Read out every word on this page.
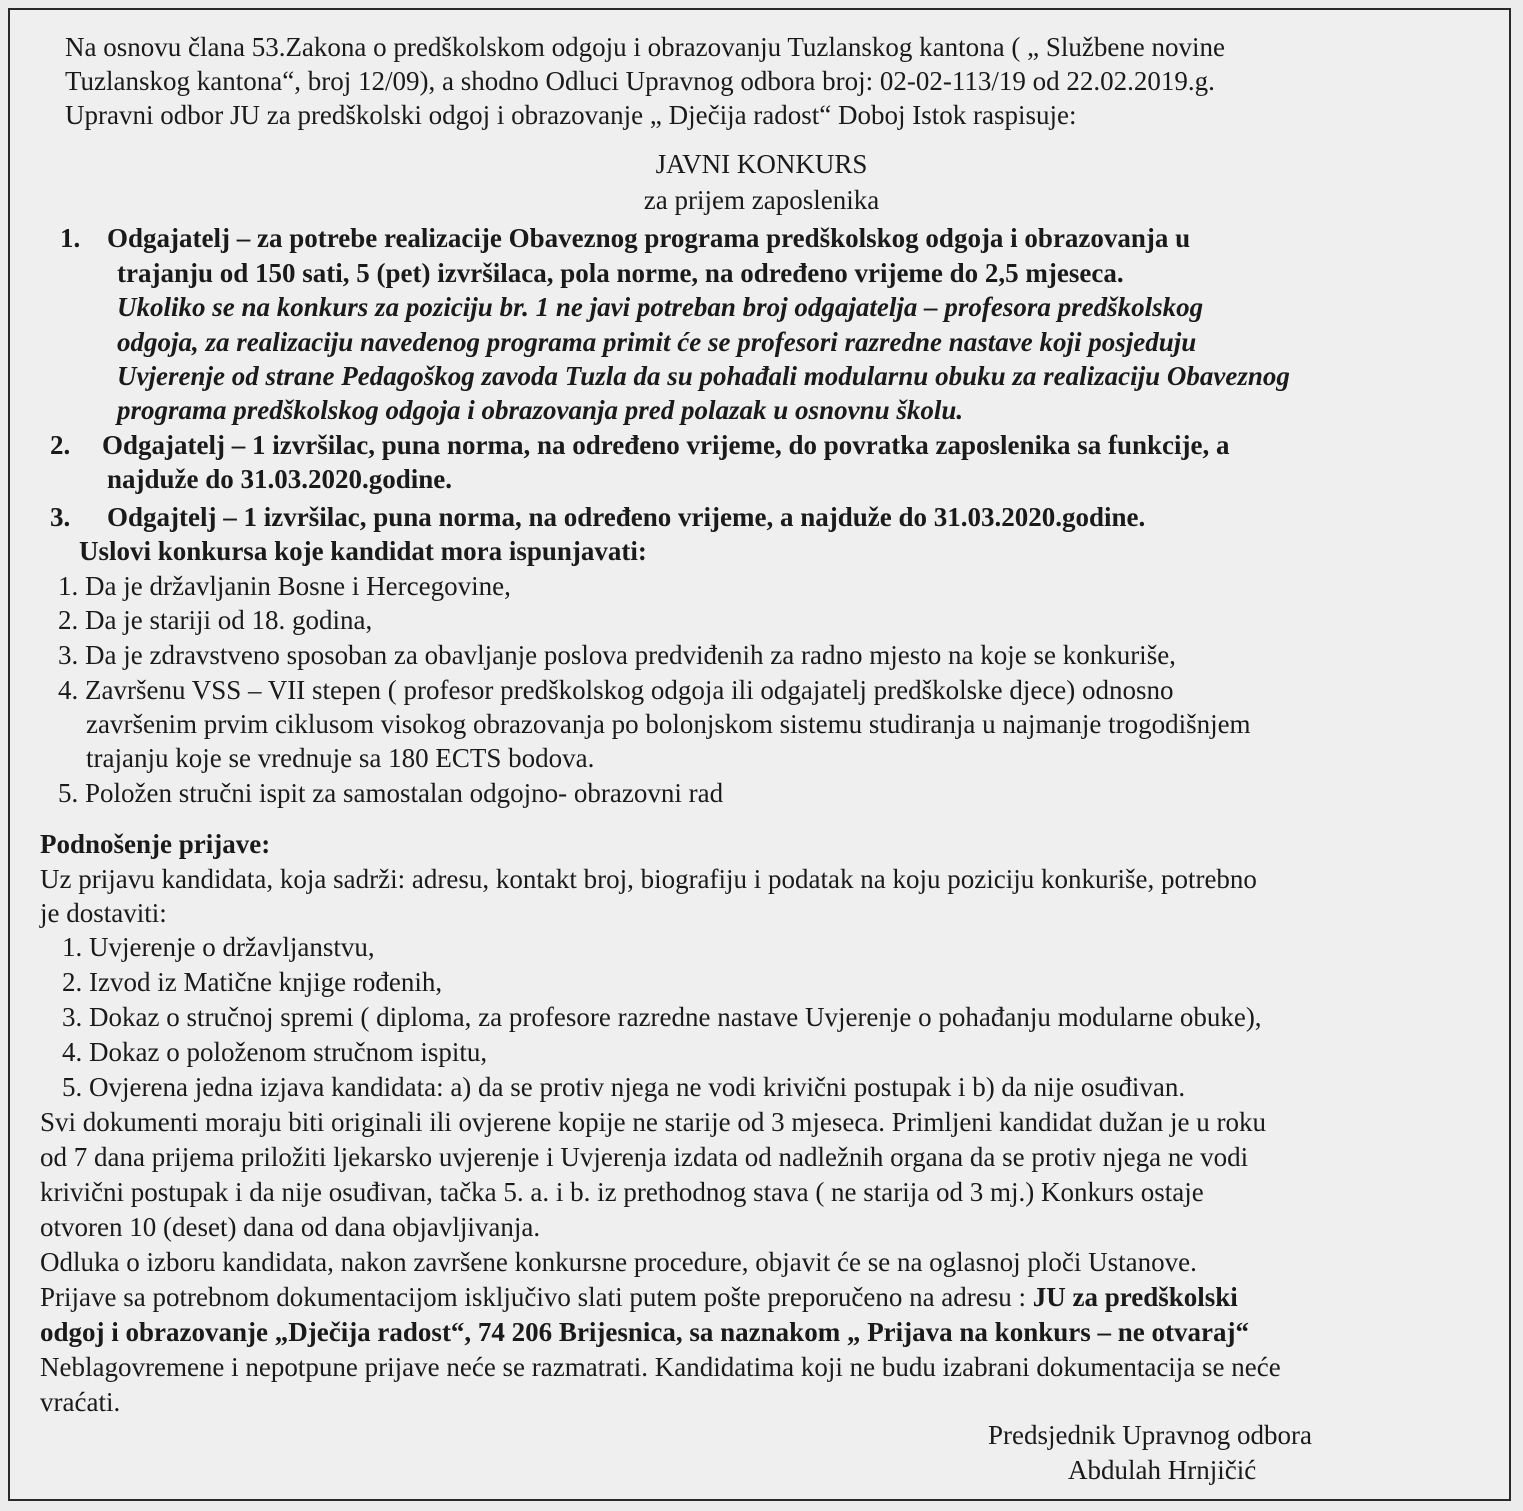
Na osnovu člana 53.Zakona o predškolskom odgoju i obrazovanju Tuzlanskog kantona ( „ Službene novine
Tuzlanskog kantona“, broj 12/09), a shodno Odluci Upravnog odbora broj: 02-02-113/19 od 22.02.2019.g.
Upravni odbor JU za predškolski odgoj i obrazovanje „ Dječija radost“ Doboj Istok raspisuje:
JAVNI KONKURS
za prijem zaposlenika
1. Odgajatelj – za potrebe realizacije Obaveznog programa predškolskog odgoja i obrazovanja u
trajanju od 150 sati, 5 (pet) izvršilaca, pola norme, na određeno vrijeme do 2,5 mjeseca.
Ukoliko se na konkurs za poziciju br. 1 ne javi potreban broj odgajatelja – profesora predškolskog
odgoja, za realizaciju navedenog programa primit će se profesori razredne nastave koji posjeduju
Uvjerenje od strane Pedagoškog zavoda Tuzla da su pohađali modularnu obuku za realizaciju Obaveznog
programa predškolskog odgoja i obrazovanja pred polazak u osnovnu školu.
2. Odgajatelj – 1 izvršilac, puna norma, na određeno vrijeme, do povratka zaposlenika sa funkcije, a
najduže do 31.03.2020.godine.
3. Odgajtelj – 1 izvršilac, puna norma, na određeno vrijeme, a najduže do 31.03.2020.godine.
Uslovi konkursa koje kandidat mora ispunjavati:
1. Da je državljanin Bosne i Hercegovine,
2. Da je stariji od 18. godina,
3. Da je zdravstveno sposoban za obavljanje poslova predviđenih za radno mjesto na koje se konkuriše,
4. Završenu VSS – VII stepen ( profesor predškolskog odgoja ili odgajatelj predškolske djece) odnosno
završenim prvim ciklusom visokog obrazovanja po bolonjskom sistemu studiranja u najmanje trogodišnjem
trajanju koje se vrednuje sa 180 ECTS bodova.
5. Položen stručni ispit za samostalan odgojno- obrazovni rad
Podnošenje prijave:
Uz prijavu kandidata, koja sadrži: adresu, kontakt broj, biografiju i podatak na koju poziciju konkuriše, potrebno
je dostaviti:
1. Uvjerenje o državljanstvu,
2. Izvod iz Matične knjige rođenih,
3. Dokaz o stručnoj spremi ( diploma, za profesore razredne nastave Uvjerenje o pohađanju modularne obuke),
4. Dokaz o položenom stručnom ispitu,
5. Ovjerena jedna izjava kandidata: a) da se protiv njega ne vodi krivični postupak i b) da nije osuđivan.
Svi dokumenti moraju biti originali ili ovjerene kopije ne starije od 3 mjeseca. Primljeni kandidat dužan je u roku
od 7 dana prijema priložiti ljekarsko uvjerenje i Uvjerenja izdata od nadležnih organa da se protiv njega ne vodi
krivični postupak i da nije osuđivan, tačka 5. a. i b. iz prethodnog stava ( ne starija od 3 mj.) Konkurs ostaje
otvoren 10 (deset) dana od dana objavljivanja.
Odluka o izboru kandidata, nakon završene konkursne procedure, objavit će se na oglasnoj ploči Ustanove.
Prijave sa potrebnom dokumentacijom isključivo slati putem pošte preporučeno na adresu : JU za predškolski
odgoj i obrazovanje „Dječija radost“, 74 206 Brijesnica, sa naznakom „ Prijava na konkurs – ne otvaraj“
Neblagovremene i nepotpune prijave neće se razmatrati. Kandidatima koji ne budu izabrani dokumentacija se neće
vraćati.
Predsjednik Upravnog odbora
Abdulah Hrnjičić
